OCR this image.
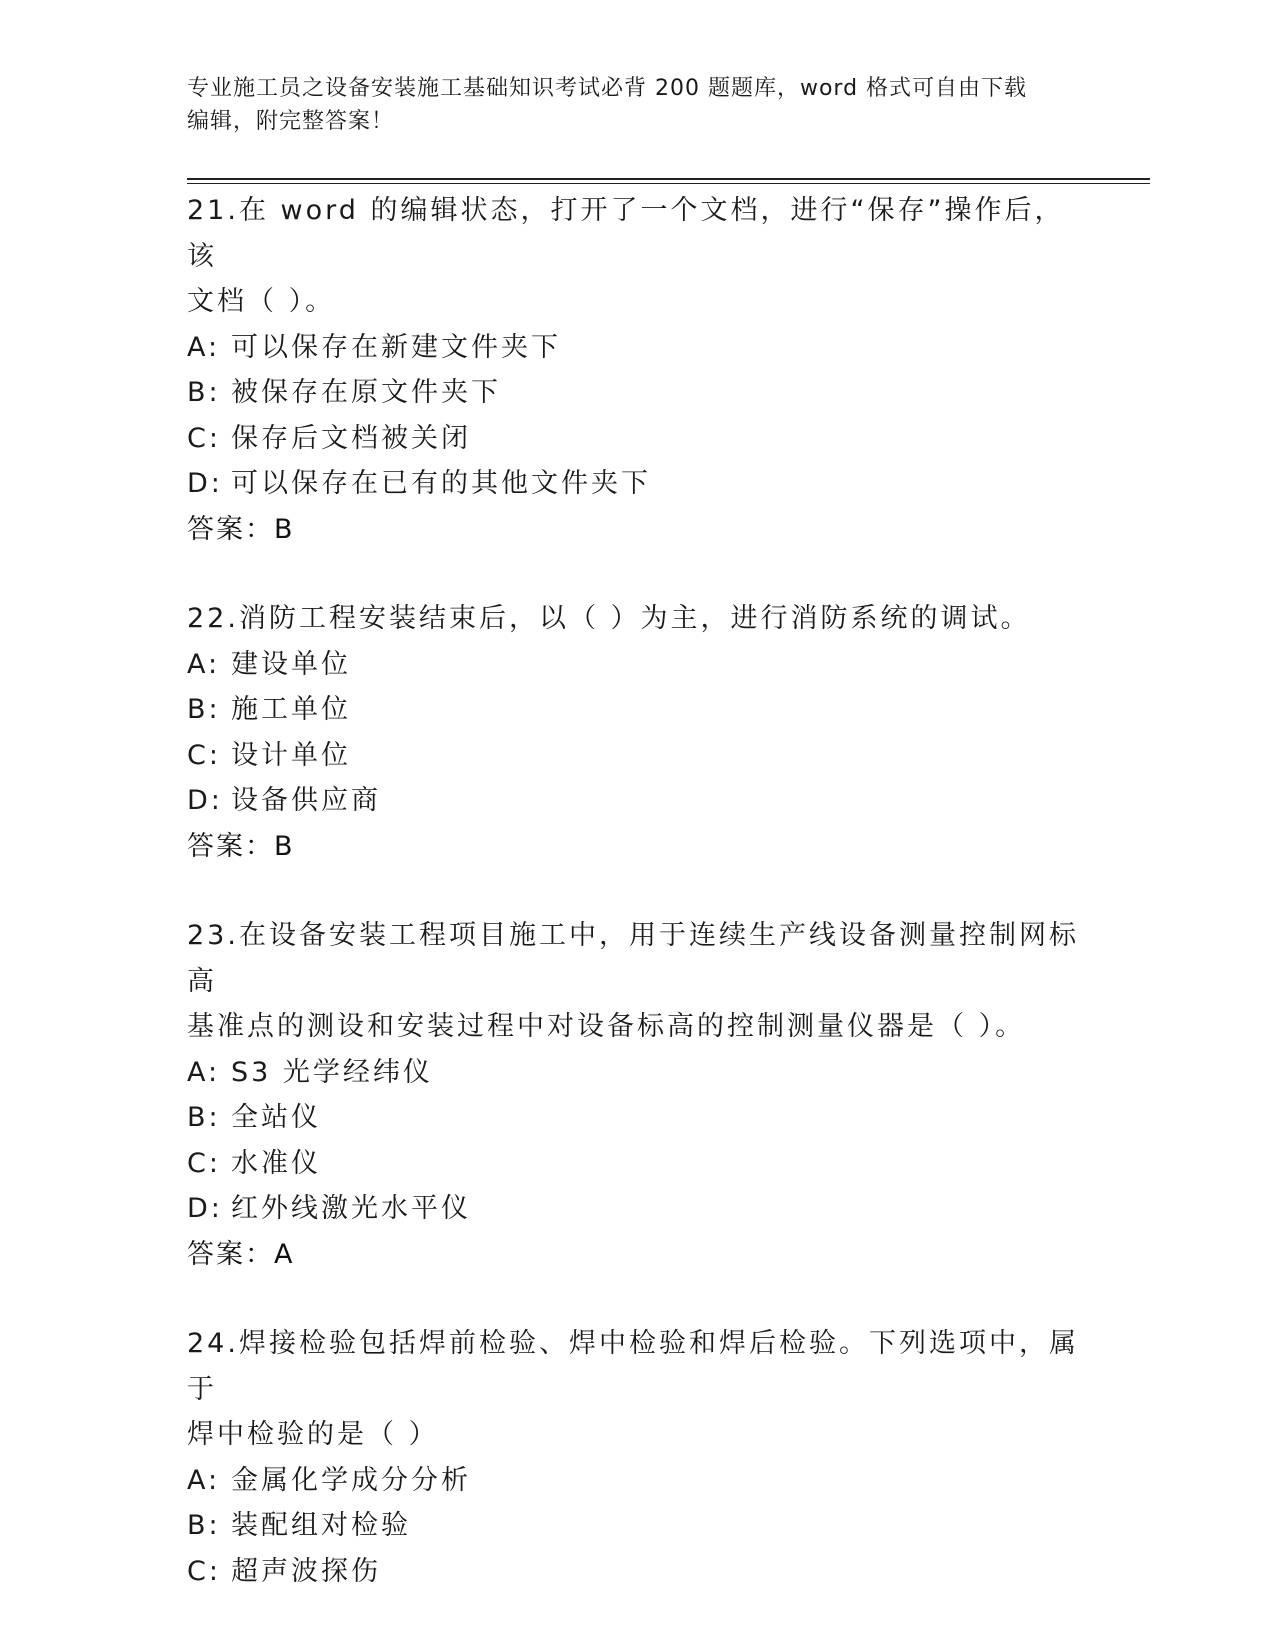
专业施工员之设备安装施工基础知识考试必背 200 题题库，word 格式可自由下载
编辑，附完整答案！
21.在 word 的编辑状态，打开了一个文档，进行“保存”操作后，该
文档（ ）。
A: 可以保存在新建文件夹下
B: 被保存在原文件夹下
C: 保存后文档被关闭
D: 可以保存在已有的其他文件夹下
答案：B
22.消防工程安装结束后，以（ ）为主，进行消防系统的调试。
A: 建设单位
B: 施工单位
C: 设计单位
D: 设备供应商
答案：B
23.在设备安装工程项目施工中，用于连续生产线设备测量控制网标高
基准点的测设和安装过程中对设备标高的控制测量仪器是（ ）。
A: S3 光学经纬仪
B: 全站仪
C: 水准仪
D: 红外线激光水平仪
答案：A
24.焊接检验包括焊前检验、焊中检验和焊后检验。下列选项中，属于
焊中检验的是（ ）
A: 金属化学成分分析
B: 装配组对检验
C: 超声波探伤
